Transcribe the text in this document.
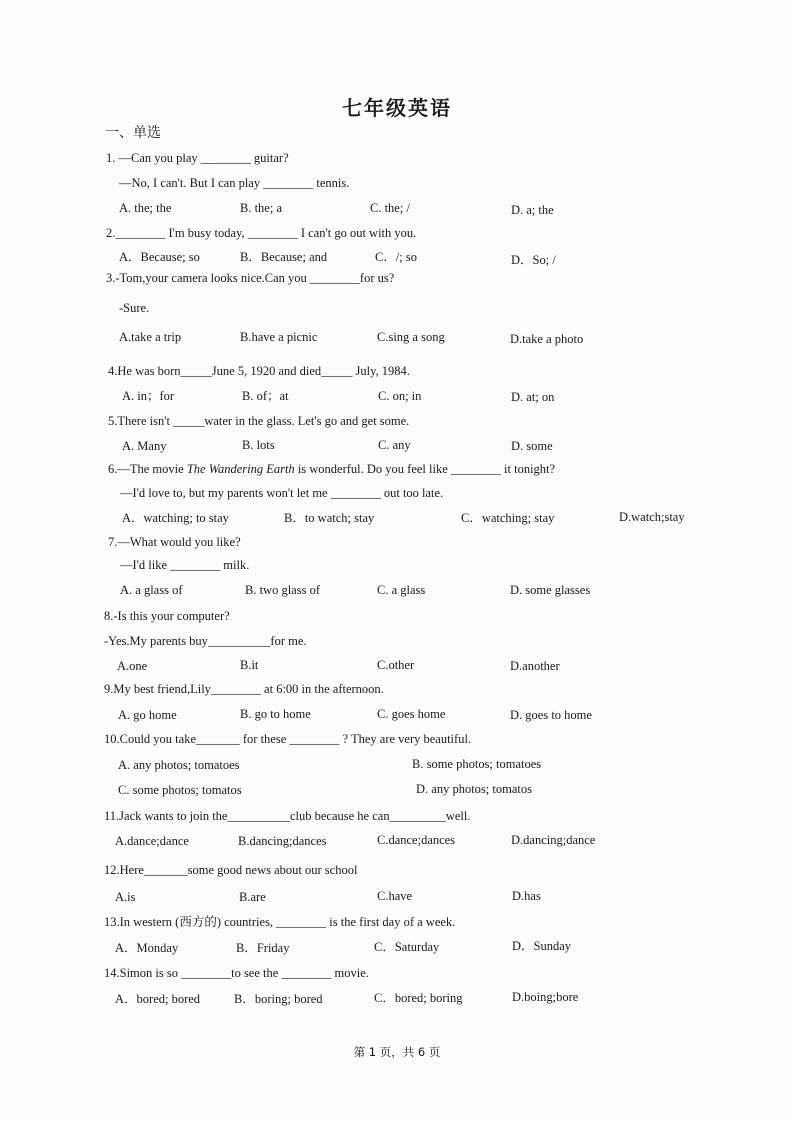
七年级英语
一、单选
1. —Can you play ________ guitar?
—No, I can't. But I can play ________ tennis.
A. the; the	B. the; a	C. the; /	D. a; the
2.________ I'm busy today, ________ I can't go out with you.
A．Because; so	B．Because; and	C．/; so	D．So; /
3.-Tom,your camera looks nice.Can you ________for us?
-Sure.
A.take a trip	B.have a picnic	C.sing a song	D.take a photo
4.He was born_____June 5, 1920 and died_____ July, 1984.
A. in；for	B. of；at	C. on; in	D. at; on
5.There isn't _____water in the glass. Let's go and get some.
A. Many	B. lots	C. any	D. some
6.—The movie The Wandering Earth is wonderful. Do you feel like ________ it tonight?
—I'd love to, but my parents won't let me ________ out too late.
A．watching; to stay	B．to watch; stay	C．watching; stay	D.watch;stay
7.—What would you like?
—I'd like ________ milk.
A. a glass of	B. two glass of	C. a glass	D. some glasses
8.-Is this your computer?
-Yes.My parents buy__________for me.
A.one	B.it	C.other	D.another
9.My best friend,Lily________ at 6:00 in the afternoon.
A. go home	B. go to home	C. goes home	D. goes to home
10.Could you take_______ for these ________ ? They are very beautiful.
A. any photos; tomatoes	B. some photos; tomatoes
C. some photos; tomatos	D. any photos; tomatos
11.Jack wants to join the__________club because he can_________well.
A.dance;dance	B.dancing;dances	C.dance;dances	D.dancing;dance
12.Here_______some good news about our school
A.is	B.are	C.have	D.has
13.In western (西方的) countries, ________ is the first day of a week.
A．Monday	B．Friday	C．Saturday	D．Sunday
14.Simon is so ________to see the ________ movie.
A．bored; bored	B．boring; bored	C．bored; boring	D.boing;bore
第 1 页，共 6 页
